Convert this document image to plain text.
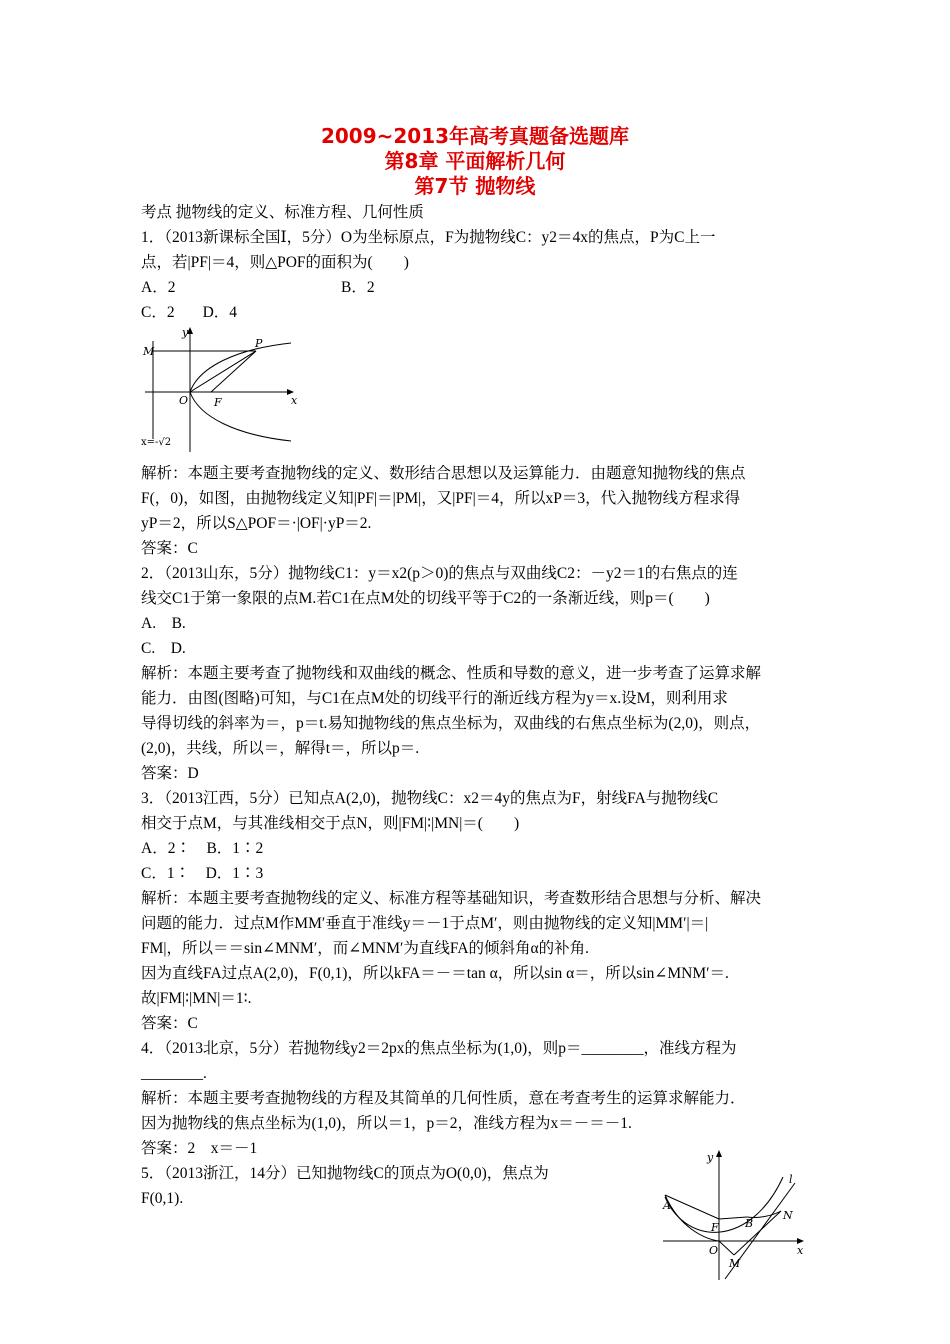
2009~2013年高考真题备选题库
第8章 平面解析几何
第7节 抛物线

考点 抛物线的定义、标准方程、几何性质

1．（2013新课标全国Ⅰ，5分）O为坐标原点，F为抛物线C：y2＝4x的焦点，P为C上一

点，若|PF|＝4，则△POF的面积为(　　)

A．2	B．2
C．2 D．4
y
x
M
P
O F
x=-√2

解析：本题主要考查抛物线的定义、数形结合思想以及运算能力．由题意知抛物线的焦点

F(，0)，如图，由抛物线定义知|PF|＝|PM|，又|PF|＝4，所以xP＝3，代入抛物线方程求得

yP＝2，所以S△POF＝·|OF|·yP＝2.

答案：C

2．（2013山东，5分）抛物线C1：y＝x2(p＞0)的焦点与双曲线C2：－y2＝1的右焦点的连

线交C1于第一象限的点M.若C1在点M处的切线平等于C2的一条渐近线，则p＝(　　)

A.　B.

C.　D.

解析：本题主要考查了抛物线和双曲线的概念、性质和导数的意义，进一步考查了运算求解

能力．由图(图略)可知，与C1在点M处的切线平行的渐近线方程为y＝x.设M，则利用求

导得切线的斜率为＝，p＝t.易知抛物线的焦点坐标为，双曲线的右焦点坐标为(2,0)，则点，

(2,0)，共线，所以＝，解得t＝，所以p＝.

答案：D

3．（2013江西，5分）已知点A(2,0)，抛物线C：x2＝4y的焦点为F，射线FA与抛物线C

相交于点M，与其准线相交于点N，则|FM|∶|MN|＝(　　)

A．2∶　B．1∶2

C．1∶　D．1∶3

解析：本题主要考查抛物线的定义、标准方程等基础知识，考查数形结合思想与分析、解决

问题的能力．过点M作MM′垂直于准线y＝－1于点M′，则由抛物线的定义知|MM′|＝|

FM|，所以＝＝sin∠MNM′，而∠MNM′为直线FA的倾斜角α的补角.

因为直线FA过点A(2,0)，F(0,1)，所以kFA＝－＝tan α，所以sin α＝，所以sin∠MNM′＝.

故|FM|∶|MN|＝1∶.

答案：C

4．（2013北京，5分）若抛物线y2＝2px的焦点坐标为(1,0)，则p＝________，准线方程为

________.

解析：本题主要考查抛物线的方程及其简单的几何性质，意在考查考生的运算求解能力．

因为抛物线的焦点坐标为(1,0)，所以＝1，p＝2，准线方程为x＝－＝－1.

答案：2　x＝－1

5．（2013浙江，14分）已知抛物线C的顶点为O(0,0)，焦点为

F(0,1).

y
x
l
A
B
F
N
O
M
